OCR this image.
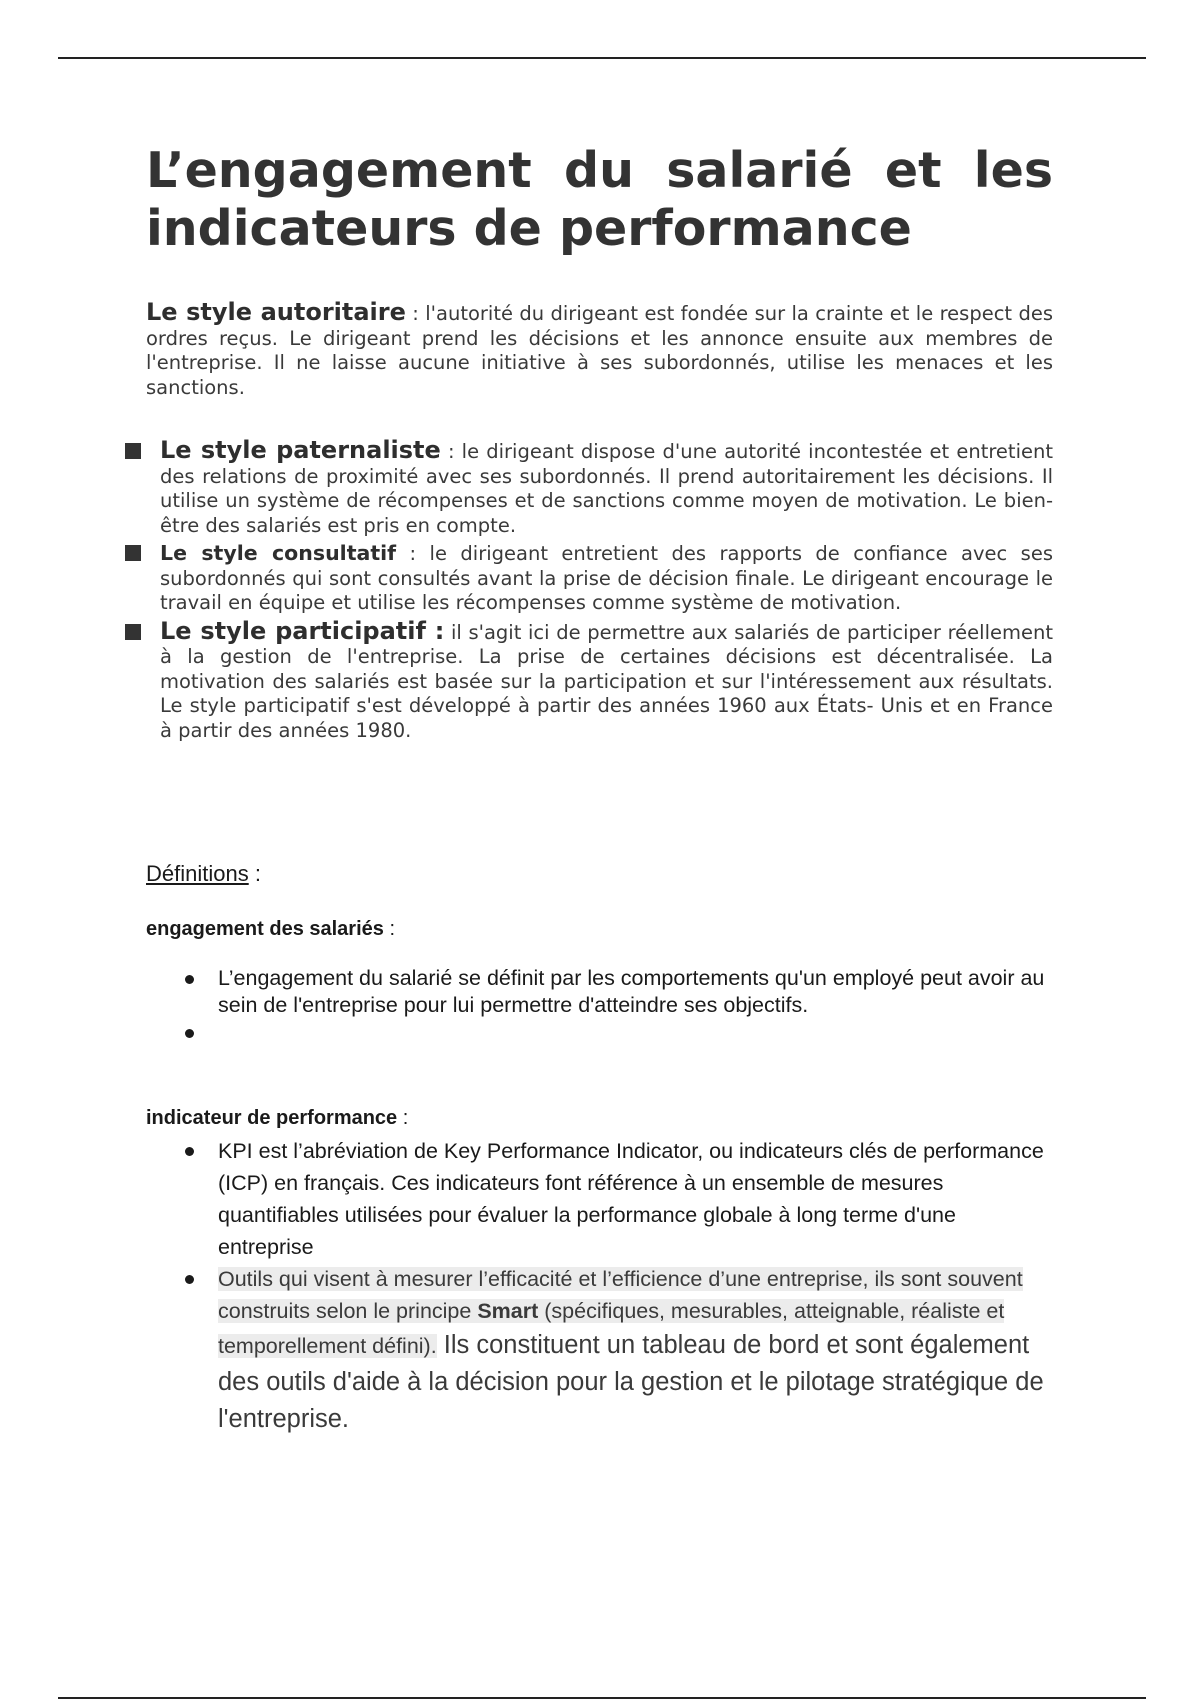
L’engagement du salarié et les indicateurs de performance

Le style autoritaire : l'autorité du dirigeant est fondée sur la crainte et le respect des ordres reçus. Le dirigeant prend les décisions et les annonce ensuite aux membres de l'entreprise. Il ne laisse aucune initiative à ses subordonnés, utilise les menaces et les sanctions.

Le style paternaliste : le dirigeant dispose d'une autorité incontestée et entretient des relations de proximité avec ses subordonnés. Il prend autoritairement les décisions. Il utilise un système de récompenses et de sanctions comme moyen de motivation. Le bien-être des salariés est pris en compte.
Le style consultatif : le dirigeant entretient des rapports de confiance avec ses subordonnés qui sont consultés avant la prise de décision finale. Le dirigeant encourage le travail en équipe et utilise les récompenses comme système de motivation.
Le style participatif : il s'agit ici de permettre aux salariés de participer réellement à la gestion de l'entreprise. La prise de certaines décisions est décentralisée. La motivation des salariés est basée sur la participation et sur l'intéressement aux résultats. Le style participatif s'est développé à partir des années 1960 aux États- Unis et en France à partir des années 1980.

Définitions :

engagement des salariés :

L’engagement du salarié se définit par les comportements qu'un employé peut avoir au sein de l'entreprise pour lui permettre d'atteindre ses objectifs.

indicateur de performance :

KPI est l’abréviation de Key Performance Indicator, ou indicateurs clés de performance (ICP) en français. Ces indicateurs font référence à un ensemble de mesures quantifiables utilisées pour évaluer la performance globale à long terme d'une entreprise
Outils qui visent à mesurer l’efficacité et l’efficience d’une entreprise, ils sont souvent construits selon le principe Smart (spécifiques, mesurables, atteignable, réaliste et temporellement défini). Ils constituent un tableau de bord et sont également des outils d'aide à la décision pour la gestion et le pilotage stratégique de l'entreprise.
